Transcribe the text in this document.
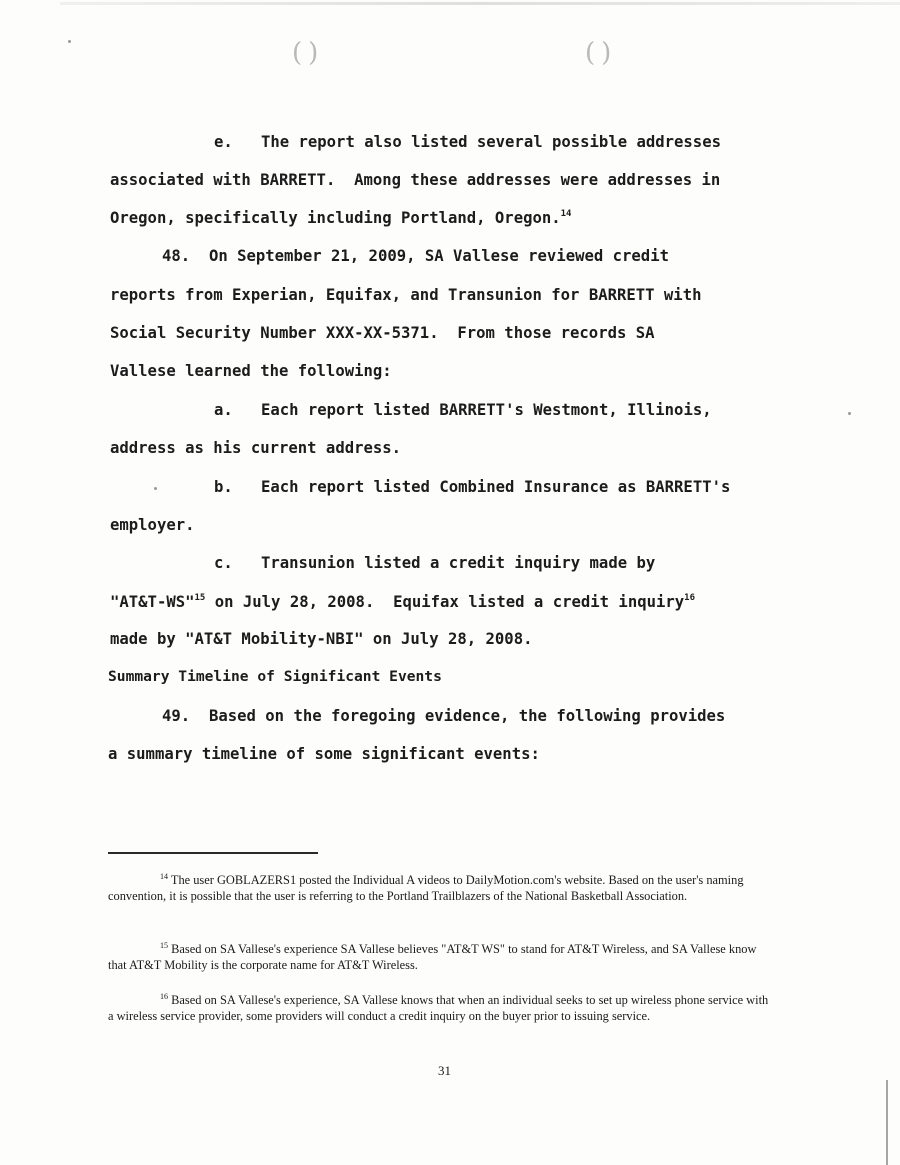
()	()
e. The report also listed several possible addresses
associated with BARRETT.  Among these addresses were addresses in
Oregon, specifically including Portland, Oregon.$^{14}$
48. On September 21, 2009, SA Vallese reviewed credit
reports from Experian, Equifax, and Transunion for BARRETT with
Social Security Number XXX-XX-5371.  From those records SA
Vallese learned the following:
a. Each report listed BARRETT's Westmont, Illinois,
address as his current address.
b. Each report listed Combined Insurance as BARRETT's
employer.
c. Transunion listed a credit inquiry made by
"AT&T-WS"$^{15}$ on July 28, 2008.  Equifax listed a credit inquiry$^{16}$
made by "AT&T Mobility-NBI" on July 28, 2008.
Summary Timeline of Significant Events
49. Based on the foregoing evidence, the following provides
a summary timeline of some significant events:
$^{14}$ The user GOBLAZERS1 posted the Individual A videos to DailyMotion.com's website. Based on the user's naming convention, it is possible that the user is referring to the Portland Trailblazers of the National Basketball Association.
$^{15}$ Based on SA Vallese's experience SA Vallese believes "AT&T WS" to stand for AT&T Wireless, and SA Vallese know that AT&T Mobility is the corporate name for AT&T Wireless.
$^{16}$ Based on SA Vallese's experience, SA Vallese knows that when an individual seeks to set up wireless phone service with a wireless service provider, some providers will conduct a credit inquiry on the buyer prior to issuing service.
31
